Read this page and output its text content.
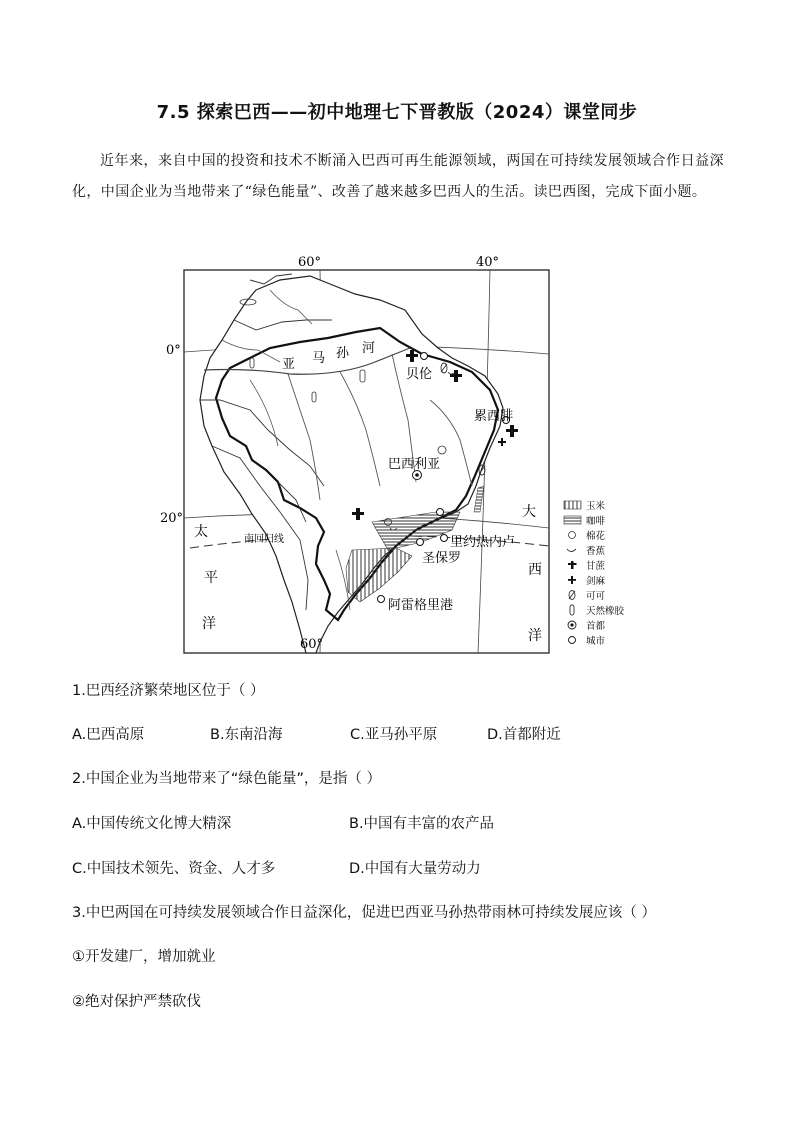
7.5 探索巴西——初中地理七下晋教版（2024）课堂同步
近年来，来自中国的投资和技术不断涌入巴西可再生能源领域，两国在可持续发展领域合作日益深化，中国企业为当地带来了“绿色能量”、改善了越来越多巴西人的生活。读巴西图，完成下面小题。
60°	40°
60°
0°
20°
亚 马 孙 河
南回归线
太
平
洋
大
西
洋
贝伦
累西腓
巴西利亚
里约热内卢
圣保罗
阿雷格里港
玉米
咖啡
棉花
香蕉
甘蔗
剑麻
可可
天然橡胶
首都
城市
1.巴西经济繁荣地区位于（ ）
A.巴西高原	B.东南沿海	C.亚马孙平原	D.首都附近
2.中国企业为当地带来了“绿色能量”，是指（ ）
A.中国传统文化博大精深	B.中国有丰富的农产品
C.中国技术领先、资金、人才多	D.中国有大量劳动力
3.中巴两国在可持续发展领域合作日益深化，促进巴西亚马孙热带雨林可持续发展应该（ ）
①开发建厂，增加就业
②绝对保护严禁砍伐
